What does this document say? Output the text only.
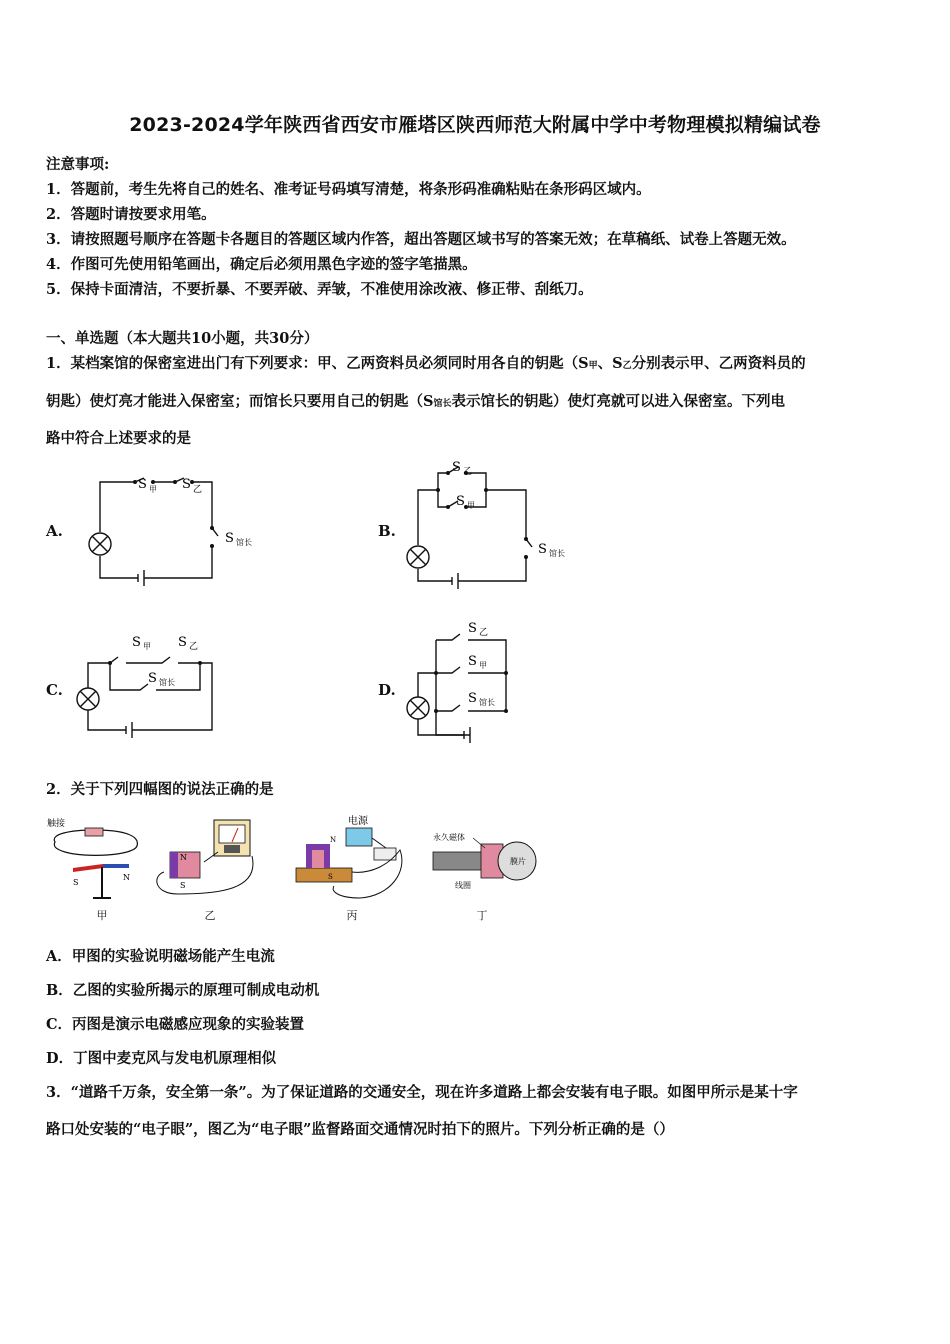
2023-2024学年陕西省西安市雁塔区陕西师范大附属中学中考物理模拟精编试卷
注意事项:
1．答题前，考生先将自己的姓名、准考证号码填写清楚，将条形码准确粘贴在条形码区域内。
2．答题时请按要求用笔。
3．请按照题号顺序在答题卡各题目的答题区域内作答，超出答题区域书写的答案无效；在草稿纸、试卷上答题无效。
4．作图可先使用铅笔画出，确定后必须用黑色字迹的签字笔描黑。
5．保持卡面清洁，不要折暴、不要弄破、弄皱，不准使用涂改液、修正带、刮纸刀。
一、单选题（本大题共10小题，共30分）
1．某档案馆的保密室进出门有下列要求：甲、乙两资料员必须同时用各自的钥匙（S甲、S乙分别表示甲、乙两资料员的
钥匙）使灯亮才能进入保密室；而馆长只要用自己的钥匙（S馆长表示馆长的钥匙）使灯亮就可以进入保密室。下列电
路中符合上述要求的是
A.	B.
C.	D.
S 甲 S 乙
S 馆长
S 乙
S 甲
S 馆长
S 甲 S 乙
S 馆长
S 乙
S 甲
S 馆长
2．关于下列四幅图的说法正确的是
触接
S
N
甲
N
S
乙
电源
N
S
丙
永久磁体
膜片
线圈
丁
A．甲图的实验说明磁场能产生电流
B．乙图的实验所揭示的原理可制成电动机
C．丙图是演示电磁感应现象的实验装置
D．丁图中麦克风与发电机原理相似
3．“道路千万条，安全第一条”。为了保证道路的交通安全，现在许多道路上都会安装有电子眼。如图甲所示是某十字
路口处安装的“电子眼”，图乙为“电子眼”监督路面交通情况时拍下的照片。下列分析正确的是（）
